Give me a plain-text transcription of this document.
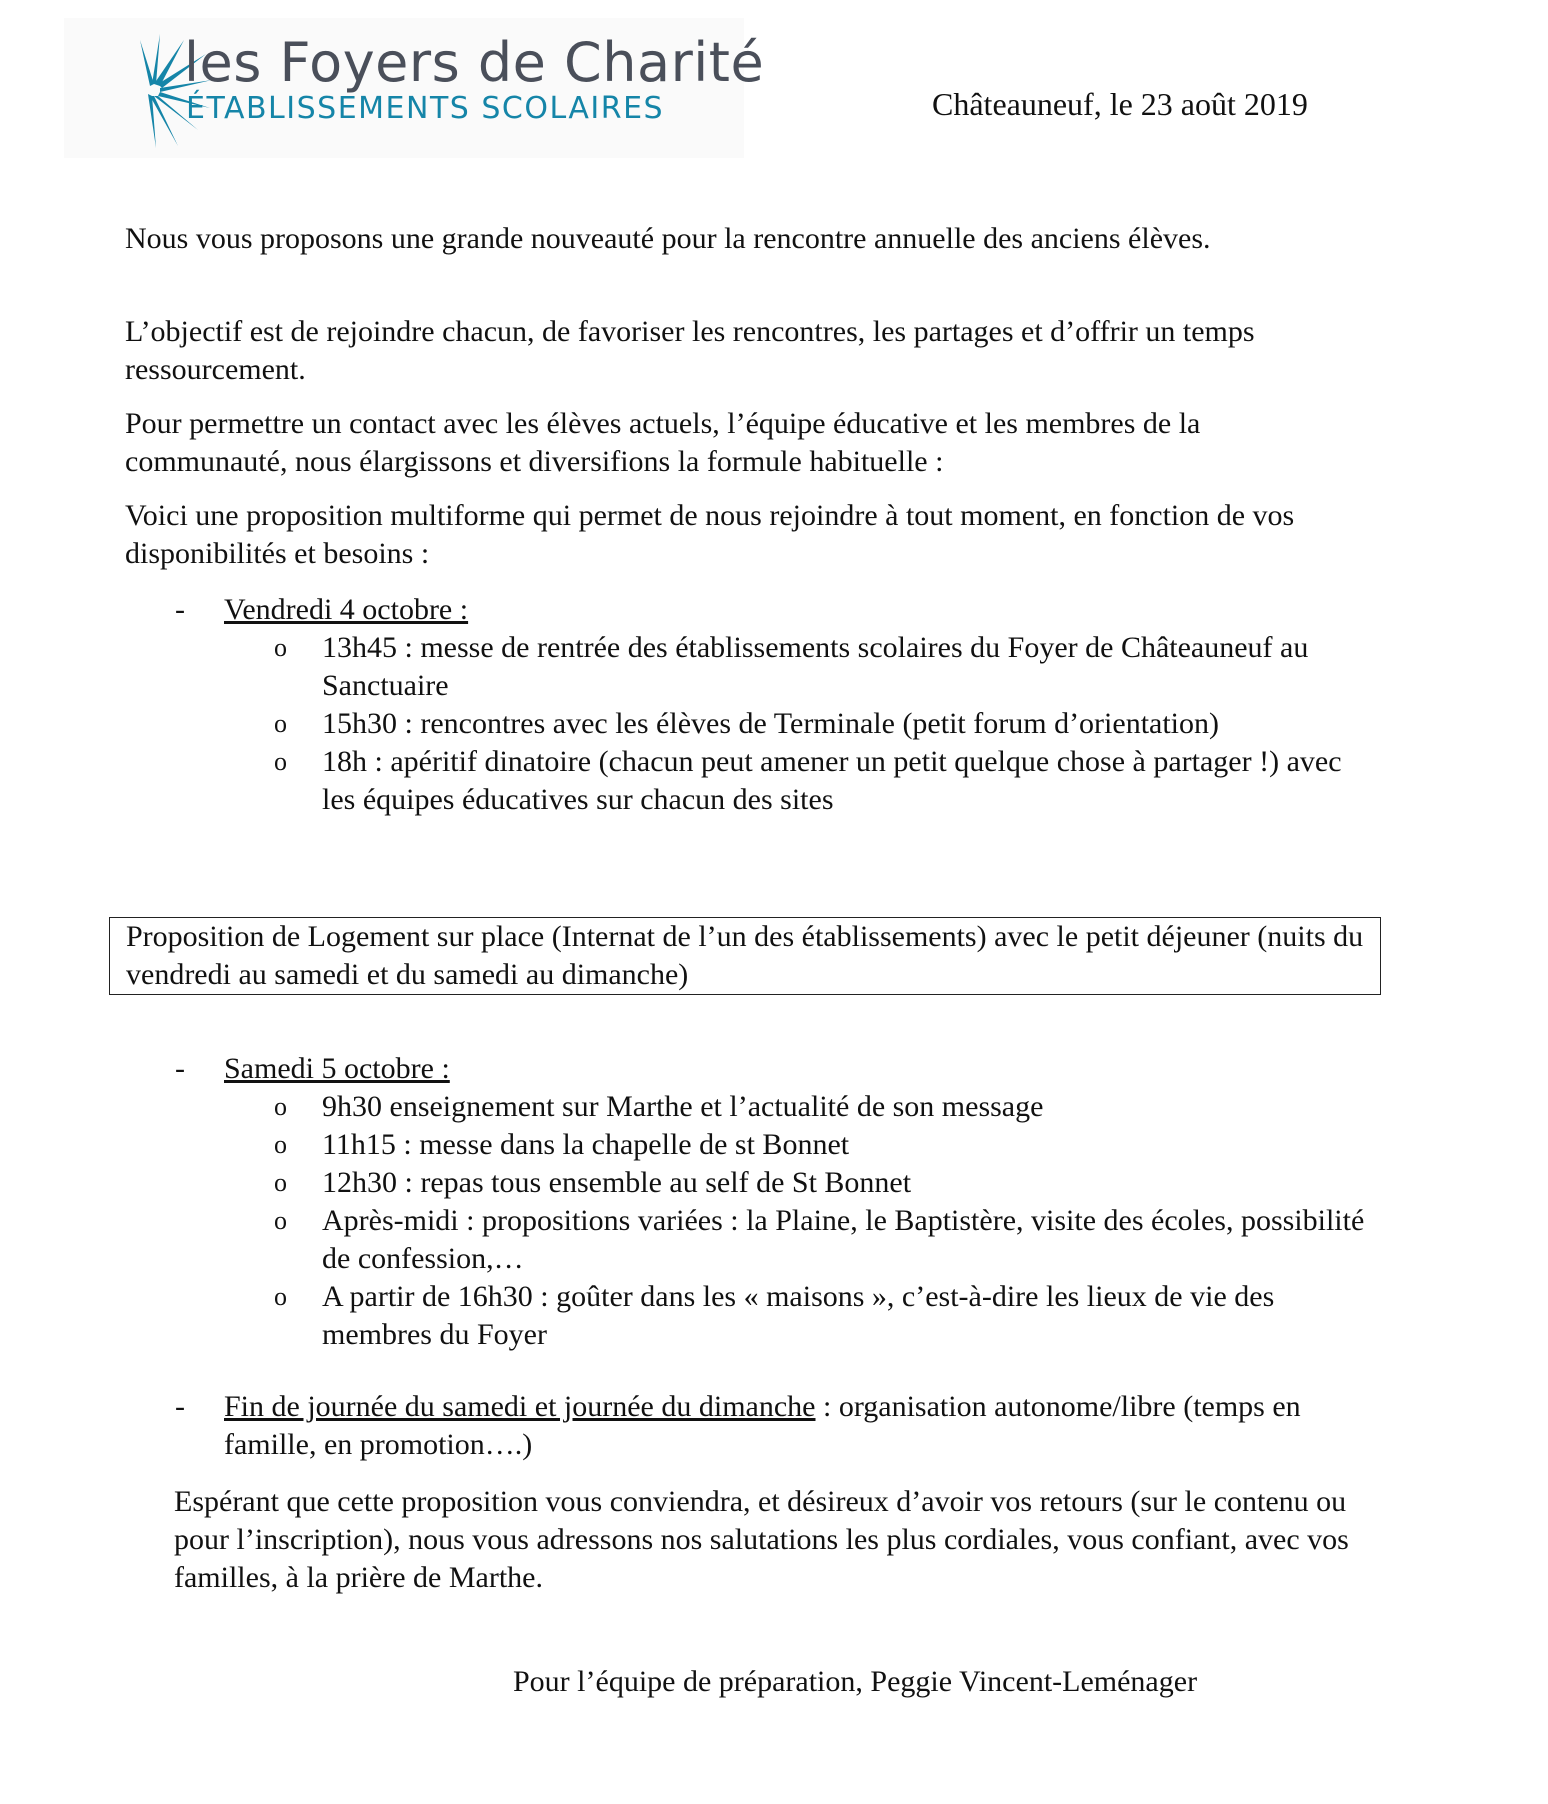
les Foyers de Charité
ÉTABLISSEMENTS SCOLAIRES	Châteauneuf, le 23 août 2019

Nous vous proposons une grande nouveauté pour la rencontre annuelle des anciens élèves.

L’objectif est de rejoindre chacun, de favoriser les rencontres, les partages et d’offrir un temps ressourcement.

Pour permettre un contact avec les élèves actuels, l’équipe éducative et les membres de la communauté, nous élargissons et diversifions la formule habituelle :

Voici une proposition multiforme qui permet de nous rejoindre à tout moment, en fonction de vos disponibilités et besoins :

- Vendredi 4 octobre :
o 13h45 : messe de rentrée des établissements scolaires du Foyer de Châteauneuf au Sanctuaire
o 15h30 : rencontres avec les élèves de Terminale (petit forum d’orientation)
o 18h : apéritif dinatoire (chacun peut amener un petit quelque chose à partager !) avec les équipes éducatives sur chacun des sites
Proposition de Logement sur place (Internat de l’un des établissements) avec le petit déjeuner (nuits du vendredi au samedi et du samedi au dimanche)
- Samedi 5 octobre :
o 9h30 enseignement sur Marthe et l’actualité de son message
o 11h15 : messe dans la chapelle de st Bonnet
o 12h30 : repas tous ensemble au self de St Bonnet
o Après-midi : propositions variées : la Plaine, le Baptistère, visite des écoles, possibilité de confession,…
o A partir de 16h30 : goûter dans les « maisons », c’est-à-dire les lieux de vie des membres du Foyer
- Fin de journée du samedi et journée du dimanche : organisation autonome/libre (temps en famille, en promotion….)

Espérant que cette proposition vous conviendra, et désireux d’avoir vos retours (sur le contenu ou pour l’inscription), nous vous adressons nos salutations les plus cordiales, vous confiant, avec vos familles, à la prière de Marthe.

Pour l’équipe de préparation, Peggie Vincent-Leménager
